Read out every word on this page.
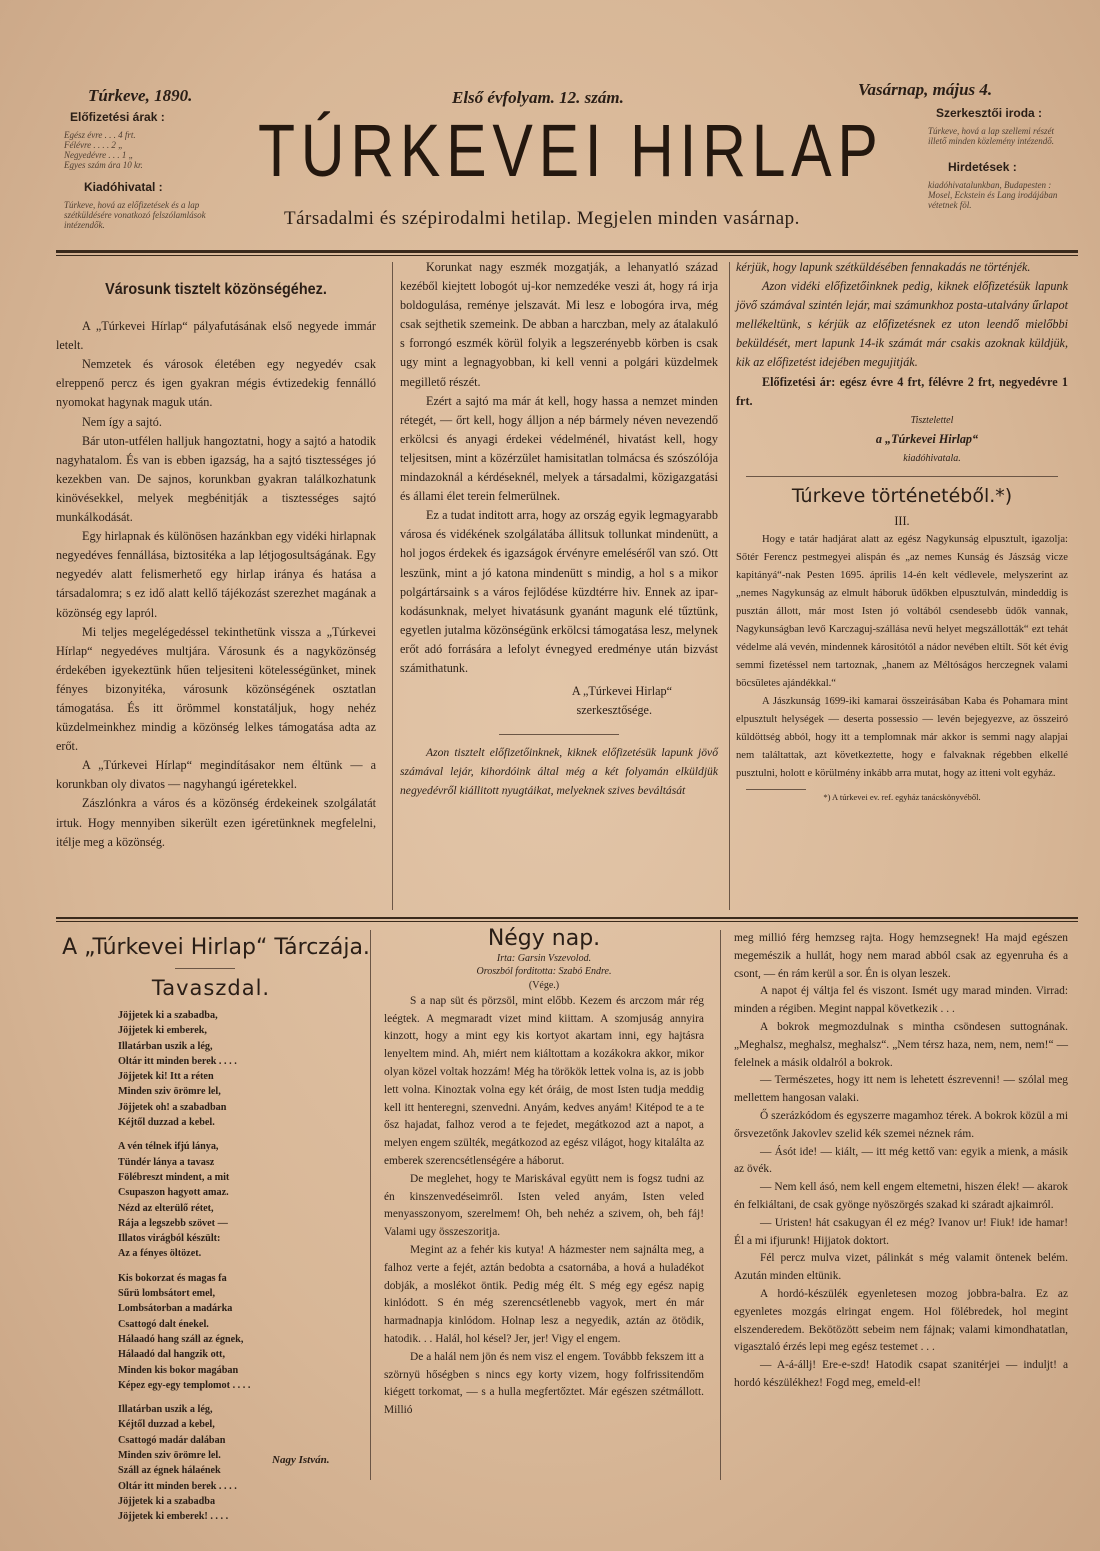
Túrkeve, 1890.	Első évfolyam. 12. szám.	Vasárnap, május 4.
Előfizetési árak :
Egész évre . . . 4 frt.
Félévre . . . . 2 „
Negyedévre . . . 1 „
Egyes szám ára 10 kr.
Kiadóhivatal :
Túrkeve, hová az előfizetések és a lap szétküldésére vonatkozó felszólamlások intézendők.
TÚRKEVEI HIRLAP
Társadalmi és szépirodalmi hetilap. Megjelen minden vasárnap.
Szerkesztői iroda :
Túrkeve, hová a lap szellemi részét illető minden közlemény intézendő.
Hirdetések :
kiadóhivatalunkban, Budapesten : Mosel, Eckstein és Lang irodájában vétetnek föl.
Városunk tisztelt közönségéhez.

A „Túrkevei Hírlap“ pályafutásának első negyede immár letelt.

Nemzetek és városok életében egy negyedév csak elreppenő percz és igen gyakran mégis évtizedekig fennálló nyomokat hagynak maguk után.

Nem így a sajtó.

Bár uton-utfélen halljuk hangoztatni, hogy a sajtó a hatodik nagyhatalom. És van is ebben igazság, ha a sajtó tisztességes jó kezekben van. De sajnos, korunkban gyakran találkozhatunk kinövésekkel, melyek megbénitják a tisztességes sajtó munkálkodását.

Egy hirlapnak és különösen hazánkban egy vidéki hirlapnak negyedéves fennállása, biztositéka a lap létjogosultságának. Egy negyedév alatt felismerhető egy hirlap iránya és hatása a társadalomra; s ez idő alatt kellő tájékozást szerezhet magának a közönség egy lapról.

Mi teljes megelégedéssel tekinthetünk vissza a „Túrkevei Hírlap“ negyedéves multjára. Városunk és a nagyközönség érdekében igyekeztünk hűen teljesiteni kötelességünket, minek fényes bizonyitéka, városunk közönségének osztatlan támogatása. És itt örömmel konstatáljuk, hogy nehéz küzdelmeinkhez mindig a közönség lelkes támogatása adta az erőt.

A „Túrkevei Hírlap“ megindításakor nem éltünk — a korunkban oly divatos — nagyhangú igéretekkel.

Zászlónkra a város és a közönség érdekeinek szolgálatát irtuk. Hogy mennyiben sikerült ezen igéretünknek megfelelni, itélje meg a közönség.

Korunkat nagy eszmék mozgatják, a lehanyatló század kezéből kiejtett lobogót uj-kor nemzedéke veszi át, hogy rá irja boldogulása, reménye jelszavát. Mi lesz e lobogóra irva, még csak sejthetik szemeink. De abban a harczban, mely az átalakuló s forrongó eszmék körül folyik a legszerényebb körben is csak ugy mint a legnagyobban, ki kell venni a polgári küzdelmek megillető részét.

Ezért a sajtó ma már át kell, hogy hassa a nemzet minden rétegét, — őrt kell, hogy álljon a nép bármely néven nevezendő erkölcsi és anyagi érdekei védelménél, hivatást kell, hogy teljesitsen, mint a közérzület hamisitatlan tolmácsa és szószólója mindazoknál a kérdéseknél, melyek a társadalmi, közigazgatási és állami élet terein felmerülnek.

Ez a tudat inditott arra, hogy az ország egyik legmagyarabb városa és vidékének szolgálatába állitsuk tollunkat mindenütt, a hol jogos érdekek és igazságok érvényre emeléséről van szó. Ott leszünk, mint a jó katona mindenütt s mindig, a hol s a mikor polgártársaink s a város fejlődése küzdtérre hiv. Ennek az ipar-kodásunknak, melyet hivatásunk gyanánt magunk elé tűztünk, egyetlen jutalma közönségünk erkölcsi támogatása lesz, melynek erőt adó forrására a lefolyt évnegyed eredménye után bizvást számithatunk.

A „Túrkevei Hirlap“

szerkesztősége.

Azon tisztelt előfizetőinknek, kiknek előfizetésük lapunk jövő számával lejár, kihordóink által még a két folyamán elküldjük negyedévről kiállitott nyugtáikat, melyeknek szives beváltását

kérjük, hogy lapunk szétküldésében fennakadás ne történjék.

Azon vidéki előfizetőinknek pedig, kiknek előfizetésük lapunk jövő számával szintén lejár, mai számunkhoz posta-utalvány űrlapot mellékeltünk, s kérjük az előfizetésnek ez uton leendő mielőbbi beküldését, mert lapunk 14-ik számát már csakis azoknak küldjük, kik az előfizetést idejében megujitják.

Előfizetési ár: egész évre 4 frt, félévre 2 frt, negyedévre 1 frt.

Tisztelettel

a „Túrkevei Hirlap“

kiadóhivatala.

Túrkeve történetéből.*)

III.

Hogy e tatár hadjárat alatt az egész Nagykunság elpusztult, igazolja: Sőtér Ferencz pestmegyei alispán és „az nemes Kunság és Jászság vicze kapitányá“-nak Pesten 1695. április 14-én kelt védlevele, melyszerint az „nemes Nagykunság az elmult háboruk üdőkben elpusztulván, mindeddig is pusztán állott, már most Isten jó voltából csendesebb üdők vannak, Nagykunságban levő Karczaguj-szállása nevű helyet megszállották“ ezt tehát védelme alá vevén, mindennek kárositótól a nádor nevében eltilt. Sőt két évig semmi fizetéssel nem tartoznak, „hanem az Méltóságos herczegnek valami böcsületes ajándékkal.“

A Jászkunság 1699-iki kamarai összeirásában Kaba és Pohamara mint elpusztult helységek — deserta possessio — levén bejegyezve, az összeiró küldöttség abból, hogy itt a templomnak már akkor is semmi nagy alapjai nem találtattak, azt következtette, hogy e falvaknak régebben elkellé pusztulni, holott e körülmény inkább arra mutat, hogy az itteni volt egyház.

*) A túrkevei ev. ref. egyház tanácskönyvéből.

A „Túrkevei Hirlap“ Tárczája.
Tavaszdal.
Jöjjetek ki a szabadba,
Jöjjetek ki emberek,
Illatárban uszik a lég,
Oltár itt minden berek . . . .
Jöjjetek ki! Itt a réten
Minden sziv örömre lel,
Jöjjetek oh! a szabadban
Kéjtől duzzad a kebel.
A vén télnek ifjú lánya,
Tündér lánya a tavasz
Fölébreszt mindent, a mit
Csupaszon hagyott amaz.
Nézd az elterülő rétet,
Rája a legszebb szövet —
Illatos virágból készült:
Az a fényes öltözet.
Kis bokorzat és magas fa
Sűrü lombsátort emel,
Lombsátorban a madárka
Csattogó dalt énekel.
Hálaadó hang száll az égnek,
Hálaadó dal hangzik ott,
Minden kis bokor magában
Képez egy-egy templomot . . . .
Illatárban uszik a lég,
Kéjtől duzzad a kebel,
Csattogó madár dalában
Minden sziv örömre lel.
Száll az égnek hálaének
Oltár itt minden berek . . . .
Jöjjetek ki a szabadba
Jöjjetek ki emberek! . . . .
Nagy István.
Négy nap.

Irta: Garsin Vszevolod.

Oroszból forditotta: Szabó Endre.

(Vége.)

S a nap süt és pörzsöl, mint előbb. Kezem és arczom már rég leégtek. A megmaradt vizet mind kiittam. A szomjuság annyira kinzott, hogy a mint egy kis kortyot akartam inni, egy hajtásra lenyeltem mind. Ah, miért nem kiáltottam a kozákokra akkor, mikor olyan közel voltak hozzám! Még ha törökök lettek volna is, az is jobb lett volna. Kinoztak volna egy két óráig, de most Isten tudja meddig kell itt henteregni, szenvedni. Anyám, kedves anyám! Kitépod te a te ősz hajadat, falhoz verod a te fejedet, megátkozod azt a napot, a melyen engem szülték, megátkozod az egész világot, hogy kitalálta az emberek szerencsétlenségére a háborut.

De meglehet, hogy te Mariskával együtt nem is fogsz tudni az én kinszenvedéseimről. Isten veled anyám, Isten veled menyasszonyom, szerelmem! Oh, beh nehéz a szivem, oh, beh fáj! Valami ugy összeszoritja.

Megint az a fehér kis kutya! A házmester nem sajnálta meg, a falhoz verte a fejét, aztán bedobta a csatornába, a hová a huladékot dobják, a moslékot öntik. Pedig még élt. S még egy egész napig kinlódott. S én még szerencsétlenebb vagyok, mert én már harmadnapja kinlódom. Holnap lesz a negyedik, aztán az ötödik, hatodik. . . Halál, hol késel? Jer, jer! Vigy el engem.

De a halál nem jön és nem visz el engem. Továbbb fekszem itt a szörnyü hőségben s nincs egy korty vizem, hogy folfrissitendőm kiégett torkomat, — s a hulla megfertőztet. Már egészen szétmállott. Millió

meg millió férg hemzseg rajta. Hogy hemzsegnek! Ha majd egészen megemészik a hullát, hogy nem marad abból csak az egyenruha és a csont, — én rám kerül a sor. Én is olyan leszek.

A napot éj váltja fel és viszont. Ismét ugy marad minden. Virrad: minden a régiben. Megint nappal következik . . .

A bokrok megmozdulnak s mintha csöndesen suttognának. „Meghalsz, meghalsz, meghalsz“. „Nem térsz haza, nem, nem, nem!“ — felelnek a másik oldalról a bokrok.

— Természetes, hogy itt nem is lehetett észrevenni! — szólal meg mellettem hangosan valaki.

Ő szerázkódom és egyszerre magamhoz térek. A bokrok közül a mi őrsvezetőnk Jakovlev szelid kék szemei néznek rám.

— Ásót ide! — kiált, — itt még kettő van: egyik a mienk, a másik az övék.

— Nem kell ásó, nem kell engem eltemetni, hiszen élek! — akarok én felkiáltani, de csak gyönge nyöszörgés szakad ki száradt ajkaimról.

— Uristen! hát csakugyan él ez még? Ivanov ur! Fiuk! ide hamar! Él a mi ifjurunk! Hijjatok doktort.

Fél percz mulva vizet, pálinkát s még valamit öntenek belém. Azután minden eltünik.

A hordó-készülék egyenletesen mozog jobbra-balra. Ez az egyenletes mozgás elringat engem. Hol fölébredek, hol megint elszenderedem. Bekötözött sebeim nem fájnak; valami kimondhatatlan, vigasztaló érzés lepi meg egész testemet . . .

— A-á-állj! Ere-e-szd! Hatodik csapat szanitérjei — induljt! a hordó készülékhez! Fogd meg, emeld-el!
